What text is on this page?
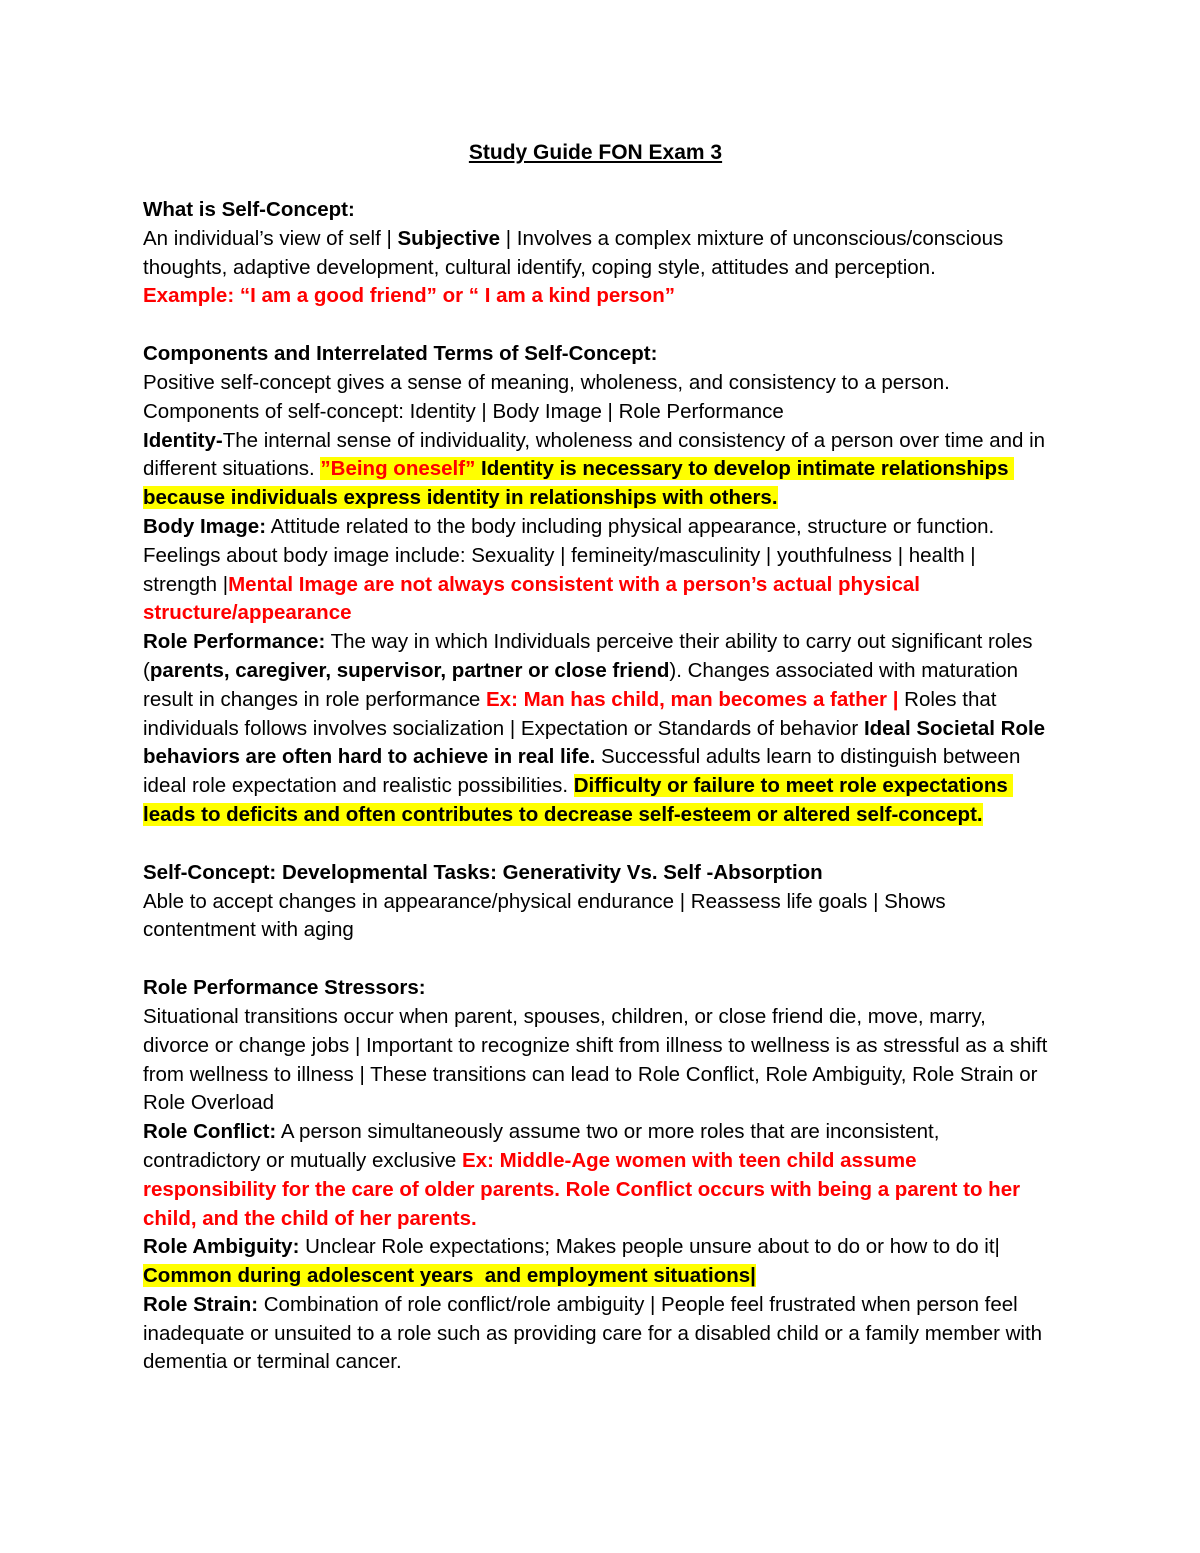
Study Guide FON Exam 3

What is Self-Concept:

An individual’s view of self | Subjective | Involves a complex mixture of unconscious/conscious thoughts, adaptive development, cultural identify, coping style, attitudes and perception.

Example: “I am a good friend” or “ I am a kind person”

Components and Interrelated Terms of Self-Concept:

Positive self-concept gives a sense of meaning, wholeness, and consistency to a person.

Components of self-concept: Identity | Body Image | Role Performance

Identity-The internal sense of individuality, wholeness and consistency of a person over time and in different situations. ”Being oneself” Identity is necessary to develop intimate relationships because individuals express identity in relationships with others.

Body Image: Attitude related to the body including physical appearance, structure or function. Feelings about body image include: Sexuality | femineity/masculinity | youthfulness | health | strength |Mental Image are not always consistent with a person’s actual physical structure/appearance

Role Performance: The way in which Individuals perceive their ability to carry out significant roles (parents, caregiver, supervisor, partner or close friend). Changes associated with maturation result in changes in role performance Ex: Man has child, man becomes a father | Roles that individuals follows involves socialization | Expectation or Standards of behavior Ideal Societal Role behaviors are often hard to achieve in real life. Successful adults learn to distinguish between ideal role expectation and realistic possibilities. Difficulty or failure to meet role expectations leads to deficits and often contributes to decrease self-esteem or altered self-concept.

Self-Concept: Developmental Tasks: Generativity Vs. Self -Absorption

Able to accept changes in appearance/physical endurance | Reassess life goals | Shows contentment with aging

Role Performance Stressors:

Situational transitions occur when parent, spouses, children, or close friend die, move, marry, divorce or change jobs | Important to recognize shift from illness to wellness is as stressful as a shift from wellness to illness | These transitions can lead to Role Conflict, Role Ambiguity, Role Strain or Role Overload

Role Conflict: A person simultaneously assume two or more roles that are inconsistent, contradictory or mutually exclusive Ex: Middle-Age women with teen child assume responsibility for the care of older parents. Role Conflict occurs with being a parent to her child, and the child of her parents.

Role Ambiguity: Unclear Role expectations; Makes people unsure about to do or how to do it|
Common during adolescent years  and employment situations|

Role Strain: Combination of role conflict/role ambiguity | People feel frustrated when person feel inadequate or unsuited to a role such as providing care for a disabled child or a family member with dementia or terminal cancer.
